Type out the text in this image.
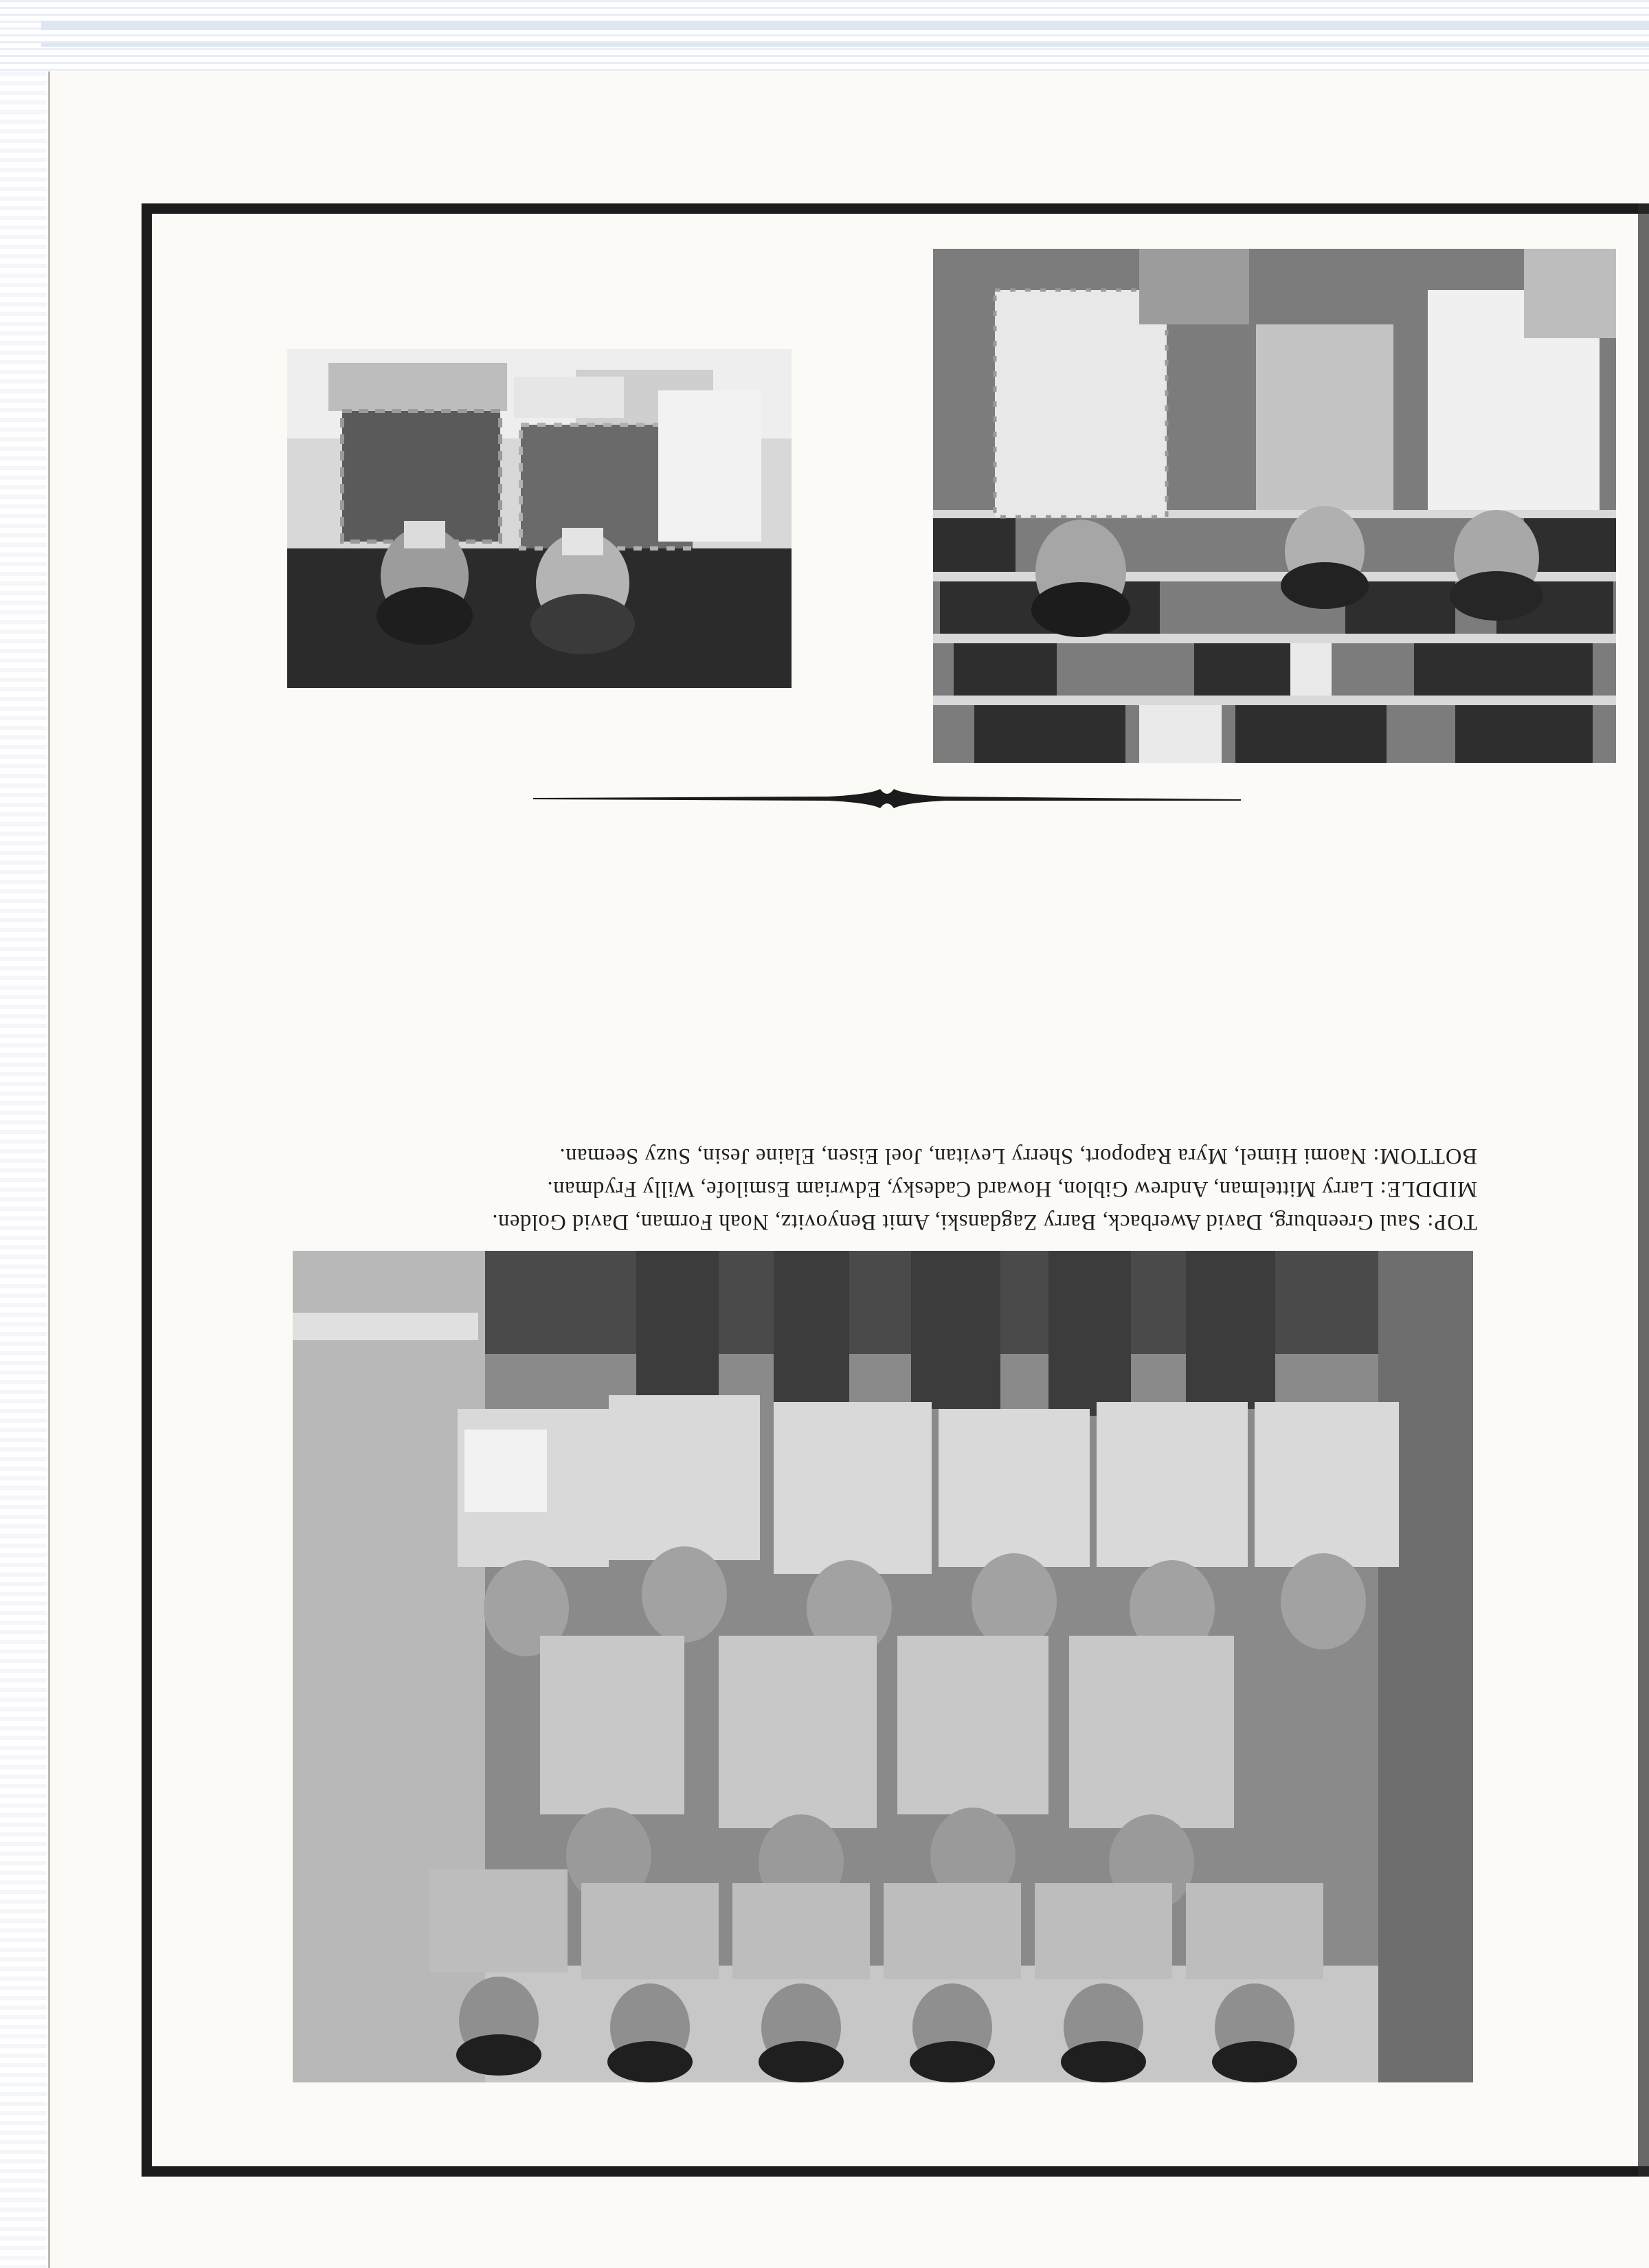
TOP: Saul Greenburg, David Awerback, Barry Zagdanski, Amit Benyovitz, Noah Forman, David Golden.

MIDDLE: Larry Mittelman, Andrew Giblon, Howard Cadesky, Edwriam Esmilofe, Willy Frydman.

BOTTOM: Naomi Himel, Myra Rapoport, Sherry Levitan, Joel Eisen, Elaine Jesin, Suzy Seeman.
